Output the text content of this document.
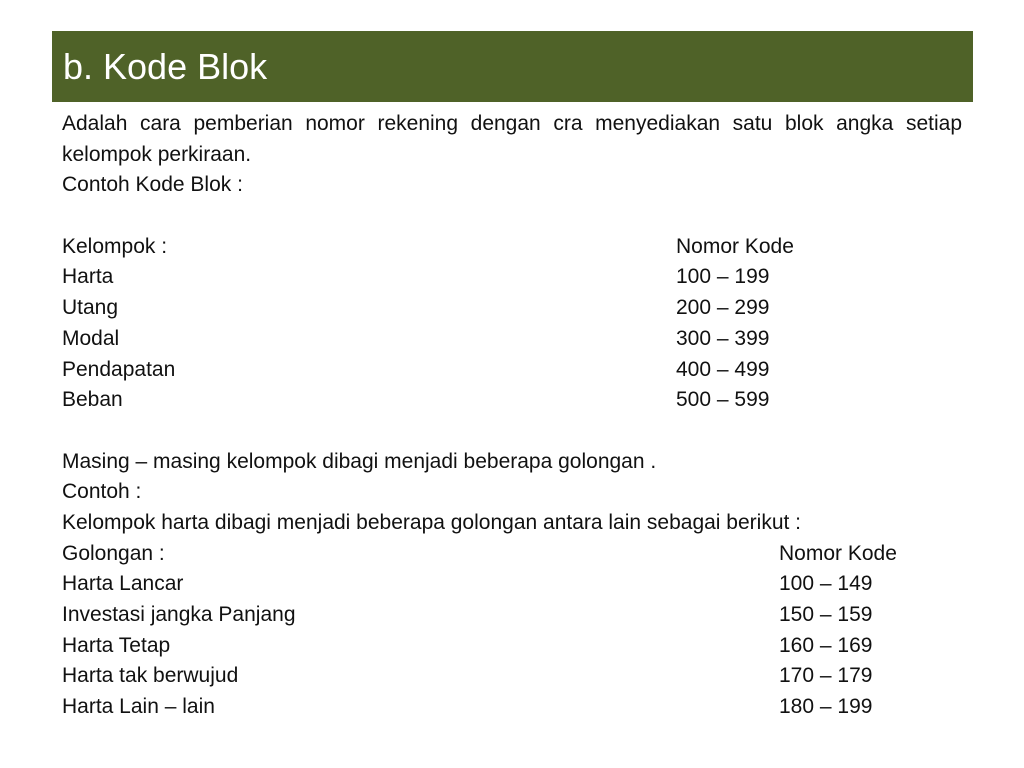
b. Kode Blok

Adalah cara pemberian nomor rekening dengan cra menyediakan satu blok angka setiap kelompok perkiraan.

Contoh Kode Blok :
Kelompok :	Nomor Kode
Harta	100 – 199
Utang	200 – 299
Modal	300 – 399
Pendapatan	400 – 499
Beban	500 – 599
Masing – masing kelompok dibagi menjadi beberapa golongan .
Contoh :
Kelompok harta dibagi menjadi beberapa golongan antara lain sebagai berikut :
Golongan :	Nomor Kode
Harta Lancar	100 – 149
Investasi jangka Panjang	150 – 159
Harta Tetap	160 – 169
Harta tak berwujud	170 – 179
Harta Lain – lain	180 – 199
